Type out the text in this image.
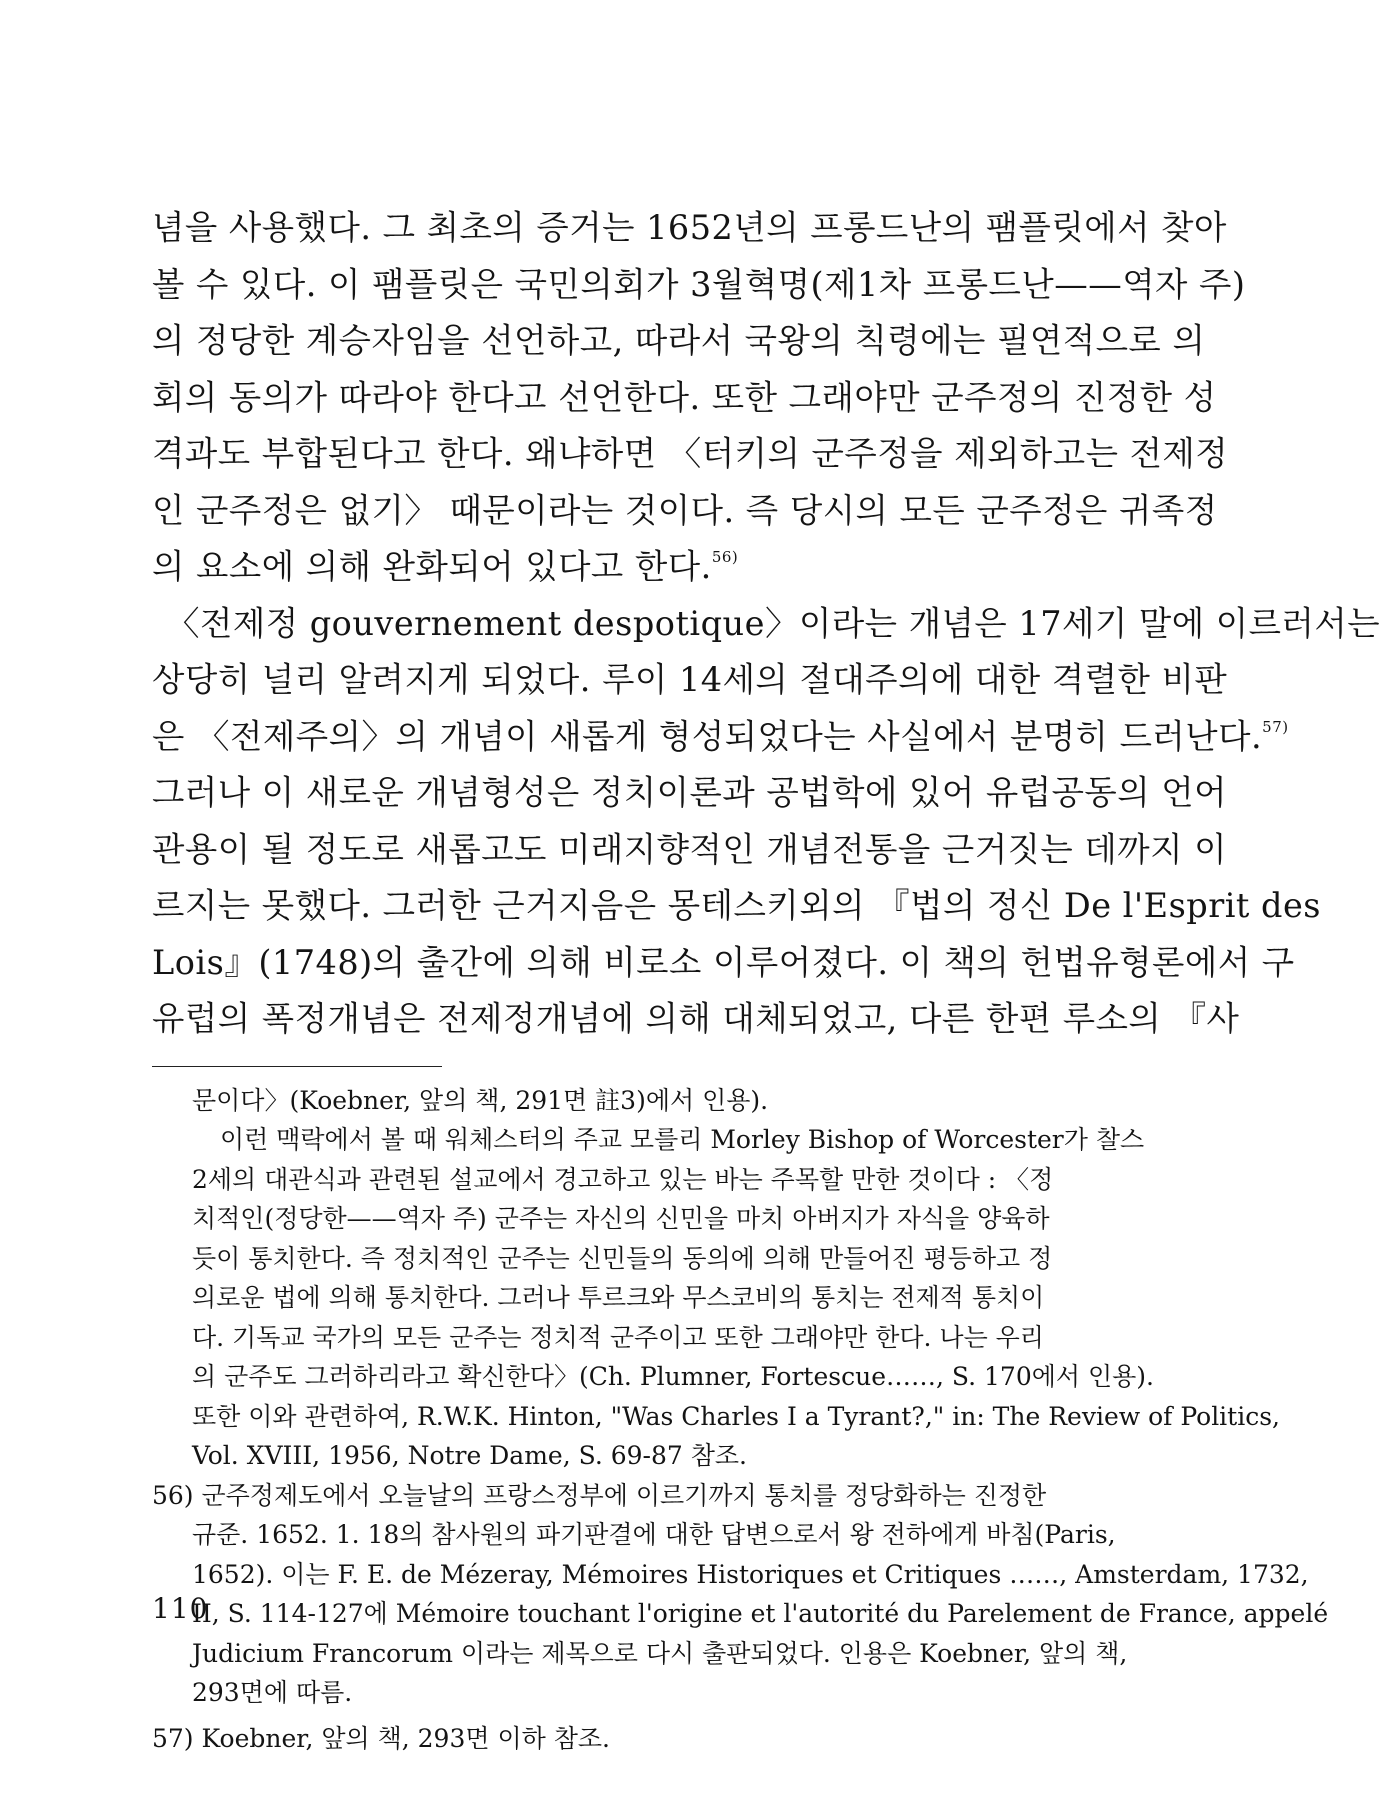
념을 사용했다. 그 최초의 증거는 1652년의 프롱드난의 팸플릿에서 찾아
볼 수 있다. 이 팸플릿은 국민의회가 3월혁명(제1차 프롱드난——역자 주)
의 정당한 계승자임을 선언하고, 따라서 국왕의 칙령에는 필연적으로 의
회의 동의가 따라야 한다고 선언한다. 또한 그래야만 군주정의 진정한 성
격과도 부합된다고 한다. 왜냐하면 〈터키의 군주정을 제외하고는 전제정
인 군주정은 없기〉 때문이라는 것이다. 즉 당시의 모든 군주정은 귀족정
의 요소에 의해 완화되어 있다고 한다.$^{56)}$
〈전제정 gouvernement despotique〉이라는 개념은 17세기 말에 이르러서는
상당히 널리 알려지게 되었다. 루이 14세의 절대주의에 대한 격렬한 비판
은 〈전제주의〉의 개념이 새롭게 형성되었다는 사실에서 분명히 드러난다.$^{57)}$
그러나 이 새로운 개념형성은 정치이론과 공법학에 있어 유럽공동의 언어
관용이 될 정도로 새롭고도 미래지향적인 개념전통을 근거짓는 데까지 이
르지는 못했다. 그러한 근거지음은 몽테스키외의 『법의 정신 De l'Esprit des
Lois』(1748)의 출간에 의해 비로소 이루어졌다. 이 책의 헌법유형론에서 구
유럽의 폭정개념은 전제정개념에 의해 대체되었고, 다른 한편 루소의 『사
문이다〉(Koebner, 앞의 책, 291면 註3)에서 인용).
이런 맥락에서 볼 때 워체스터의 주교 모를리 Morley Bishop of Worcester가 찰스
2세의 대관식과 관련된 설교에서 경고하고 있는 바는 주목할 만한 것이다 : 〈정
치적인(정당한——역자 주) 군주는 자신의 신민을 마치 아버지가 자식을 양육하
듯이 통치한다. 즉 정치적인 군주는 신민들의 동의에 의해 만들어진 평등하고 정
의로운 법에 의해 통치한다. 그러나 투르크와 무스코비의 통치는 전제적 통치이
다. 기독교 국가의 모든 군주는 정치적 군주이고 또한 그래야만 한다. 나는 우리
의 군주도 그러하리라고 확신한다〉(Ch. Plumner, Fortescue……, S. 170에서 인용).
또한 이와 관련하여, R.W.K. Hinton, "Was Charles I a Tyrant?," in: The Review of Politics,
Vol. XVIII, 1956, Notre Dame, S. 69-87 참조.
56) 군주정제도에서 오늘날의 프랑스정부에 이르기까지 통치를 정당화하는 진정한
규준. 1652. 1. 18의 참사원의 파기판결에 대한 답변으로서 왕 전하에게 바침(Paris,
1652). 이는 F. E. de Mézeray, Mémoires Historiques et Critiques ……, Amsterdam, 1732,
II, S. 114-127에 Mémoire touchant l'origine et l'autorité du Parelement de France, appelé
Judicium Francorum 이라는 제목으로 다시 출판되었다. 인용은 Koebner, 앞의 책,
293면에 따름.
57) Koebner, 앞의 책, 293면 이하 참조.
110
